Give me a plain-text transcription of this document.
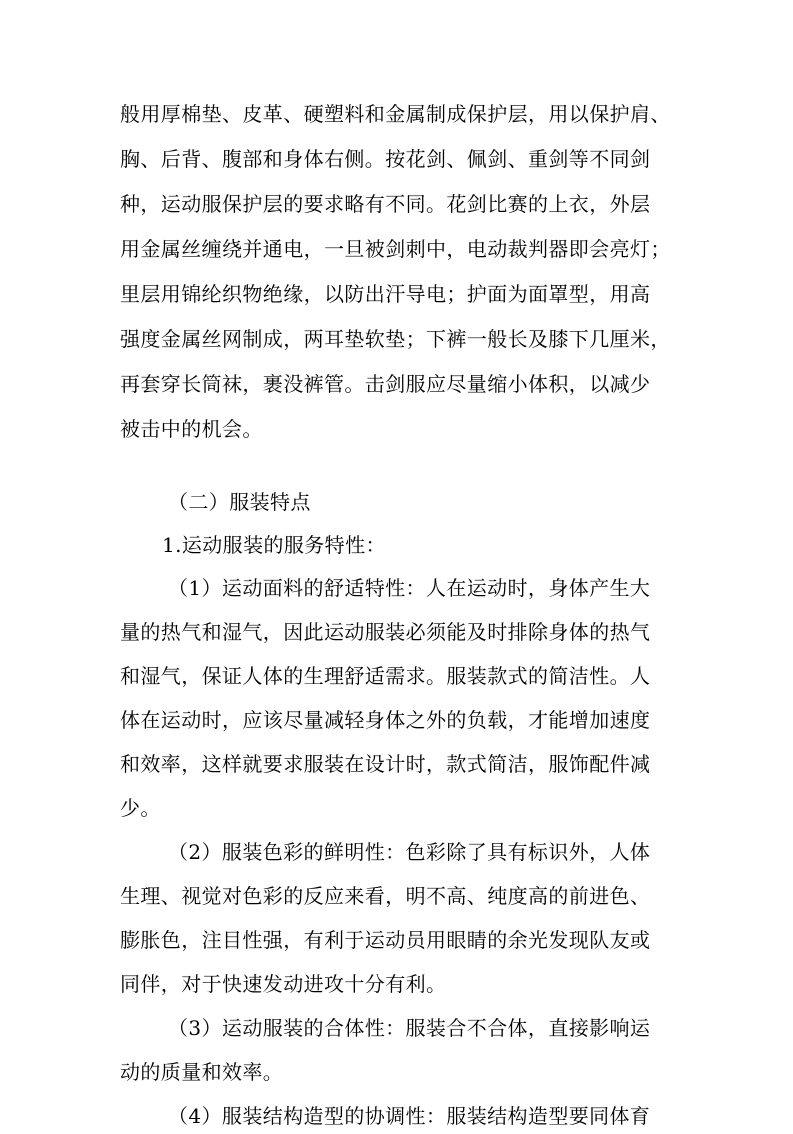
般用厚棉垫、皮革、硬塑料和金属制成保护层，用以保护肩、
胸、后背、腹部和身体右侧。按花剑、佩剑、重剑等不同剑
种，运动服保护层的要求略有不同。花剑比赛的上衣，外层
用金属丝缠绕并通电，一旦被剑刺中，电动裁判器即会亮灯；
里层用锦纶织物绝缘，以防出汗导电；护面为面罩型，用高
强度金属丝网制成，两耳垫软垫；下裤一般长及膝下几厘米，
再套穿长筒袜，裹没裤管。击剑服应尽量缩小体积，以减少
被击中的机会。
（二）服装特点
1.运动服装的服务特性：
（1）运动面料的舒适特性：人在运动时，身体产生大
量的热气和湿气，因此运动服装必须能及时排除身体的热气
和湿气，保证人体的生理舒适需求。服装款式的简洁性。人
体在运动时，应该尽量减轻身体之外的负载，才能增加速度
和效率，这样就要求服装在设计时，款式简洁，服饰配件减
少。
（2）服装色彩的鲜明性：色彩除了具有标识外，人体
生理、视觉对色彩的反应来看，明不高、纯度高的前进色、
膨胀色，注目性强，有利于运动员用眼睛的余光发现队友或
同伴，对于快速发动进攻十分有利。
（3）运动服装的合体性：服装合不合体，直接影响运
动的质量和效率。
（4）服装结构造型的协调性：服装结构造型要同体育
